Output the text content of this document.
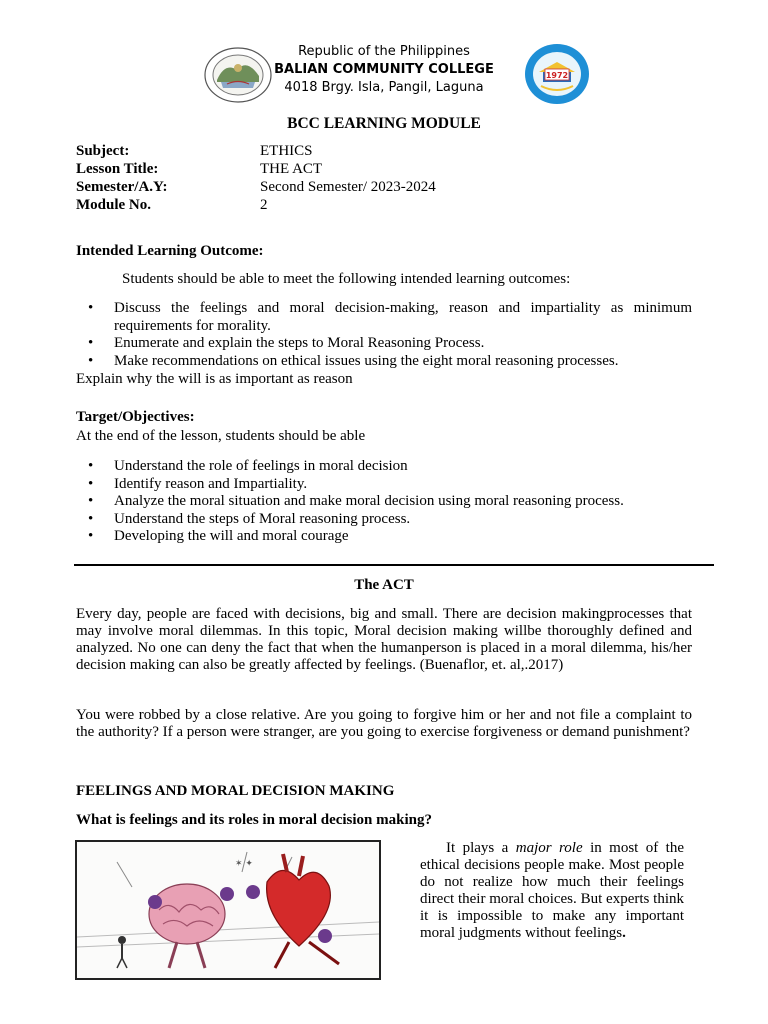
Republic of the Philippines
BALIAN COMMUNITY COLLEGE
4018 Brgy. Isla, Pangil, Laguna
1972
BCC LEARNING MODULE
Subject:	ETHICS
Lesson Title:	THE ACT
Semester/A.Y:	Second Semester/ 2023-2024
Module No.	2
Intended Learning Outcome:
Students should be able to meet the following intended learning outcomes:
• Discuss the feelings and moral decision-making, reason and impartiality as minimum requirements for morality.
• Enumerate and explain the steps to Moral Reasoning Process.
• Make recommendations on ethical issues using the eight moral reasoning processes.
Explain why the will is as important as reason
Target/Objectives:
At the end of the lesson, students should be able
• Understand the role of feelings in moral decision
• Identify reason and Impartiality.
• Analyze the moral situation and make moral decision using moral reasoning process.
• Understand the steps of Moral reasoning process.
• Developing the will and moral courage
The ACT
Every day, people are faced with decisions, big and small. There are decision makingprocesses that may involve moral dilemmas. In this topic, Moral decision making willbe thoroughly defined and analyzed. No one can deny the fact that when the humanperson is placed in a moral dilemma, his/her decision making can also be greatly affected by feelings. (Buenaflor, et. al,.2017)
You were robbed by a close relative. Are you going to forgive him or her and not file a complaint to the authority? If a person were stranger, are you going to exercise forgiveness or demand punishment?
FEELINGS AND MORAL DECISION MAKING
What is feelings and its roles in moral decision making?
✶ ✦
It plays a major role in most of the ethical decisions people make. Most people do not realize how much their feelings direct their moral choices. But experts think it is impossible to make any important moral judgments without feelings.
